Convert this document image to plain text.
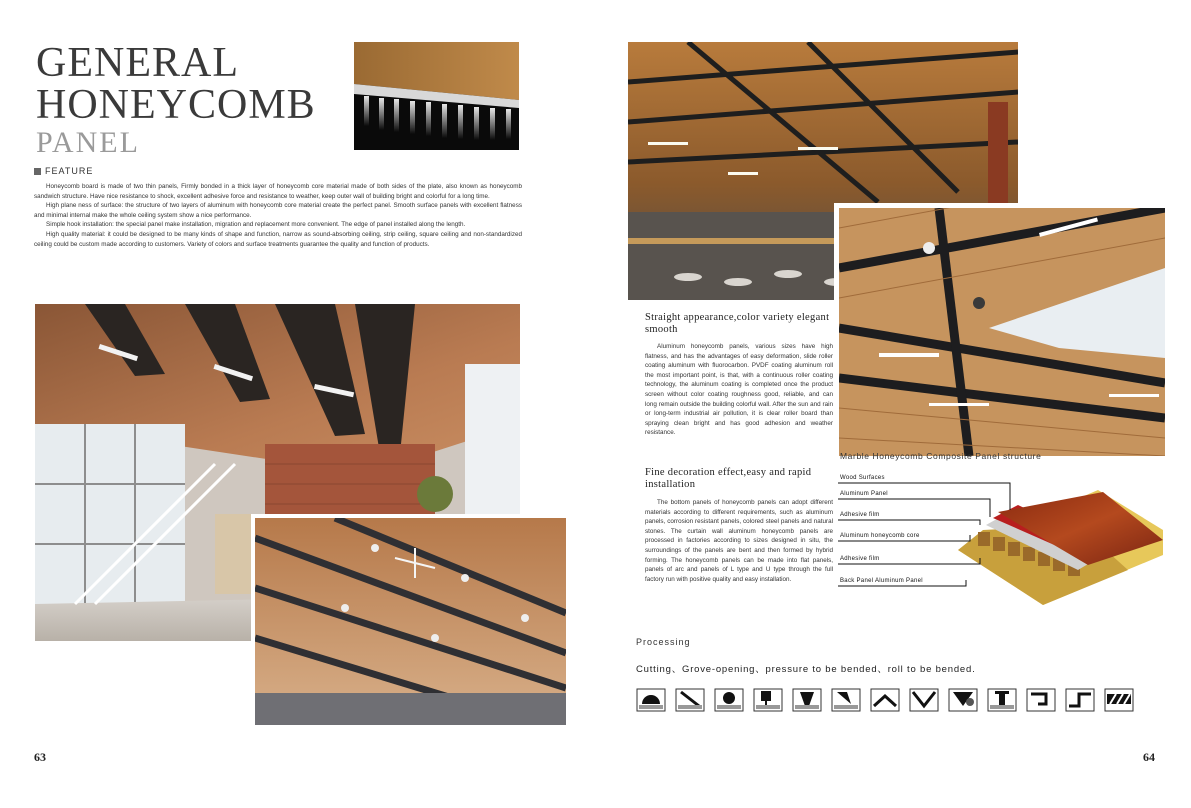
GENERAL
HONEYCOMB
PANEL
FEATURE

Honeycomb board is made of two thin panels, Firmly bonded in a thick layer of honeycomb core material made of both sides of the plate, also known as honeycomb sandwich structure. Have nice resistance to shock, excellent adhesive force and resistance to weather, keep outer wall of building bright and colorful for a long time.

High plane ness of surface: the structure of two layers of aluminum with honeycomb core material create the perfect panel. Smooth surface panels with excellent flatness and minimal internal make the whole ceiling system show a nice performance.

Simple hook installation: the special panel make installation, migration and replacement more convenient. The edge of panel installed along the length.

High quality material: it could be designed to be many kinds of shape and function, narrow as sound-absorbing ceiling, strip ceiling, square ceiling and non-standardized ceiling could be custom made according to customers. Variety of colors and surface treatments guarantee the quality and function of products.

63
Straight appearance,color variety elegant smooth

Aluminum honeycomb panels, various sizes have high flatness, and has the advantages of easy deformation, slide roller coating aluminum with fluorocarbon. PVDF coating aluminum roll the most important point, is that, with a continuous roller coating technology, the aluminum coating is completed once the product screen without color coating roughness good, reliable, and can long remain outside the building colorful wall. After the sun and rain or long-term industrial air pollution, it is clear roller board than spraying clean bright and has good adhesion and weather resistance.

Fine decoration effect,easy and rapid installation

The bottom panels of honeycomb panels can adopt different materials according to different requirements, such as aluminum panels, corrosion resistant panels, colored steel panels and natural stones. The curtain wall aluminum honeycomb panels are processed in factories according to sizes designed in situ, the surroundings of the panels are bent and then formed by hybrid forming. The honeycomb panels can be made into flat panels, panels of arc and panels of L type and U type through the full factory run with positive quality and easy installation.

Marble Honeycomb Composite Panel structure
Wood Surfaces
Aluminum Panel
Adhesive film
Aluminum honeycomb core
Adhesive film
Back Panel Aluminum Panel
Processing
Cutting、Grove-opening、pressure to be bended、roll to be bended.
64
